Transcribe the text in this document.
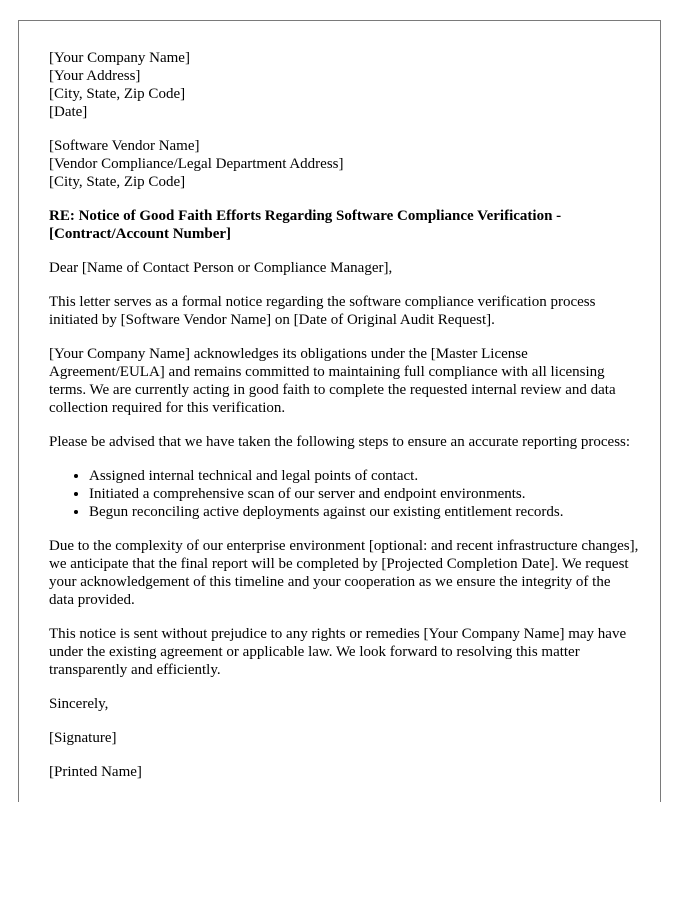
[Your Company Name]
[Your Address]
[City, State, Zip Code]
[Date]
[Software Vendor Name]
[Vendor Compliance/Legal Department Address]
[City, State, Zip Code]
RE: Notice of Good Faith Efforts Regarding Software Compliance Verification -
[Contract/Account Number]

Dear [Name of Contact Person or Compliance Manager],

This letter serves as a formal notice regarding the software compliance verification process initiated by [Software Vendor Name] on [Date of Original Audit Request].

[Your Company Name] acknowledges its obligations under the [Master License Agreement/EULA] and remains committed to maintaining full compliance with all licensing terms. We are currently acting in good faith to complete the requested internal review and data collection required for this verification.

Please be advised that we have taken the following steps to ensure an accurate reporting process:

• Assigned internal technical and legal points of contact.
• Initiated a comprehensive scan of our server and endpoint environments.
• Begun reconciling active deployments against our existing entitlement records.

Due to the complexity of our enterprise environment [optional: and recent infrastructure changes], we anticipate that the final report will be completed by [Projected Completion Date]. We request your acknowledgement of this timeline and your cooperation as we ensure the integrity of the data provided.

This notice is sent without prejudice to any rights or remedies [Your Company Name] may have under the existing agreement or applicable law. We look forward to resolving this matter transparently and efficiently.

Sincerely,

[Signature]

[Printed Name]
